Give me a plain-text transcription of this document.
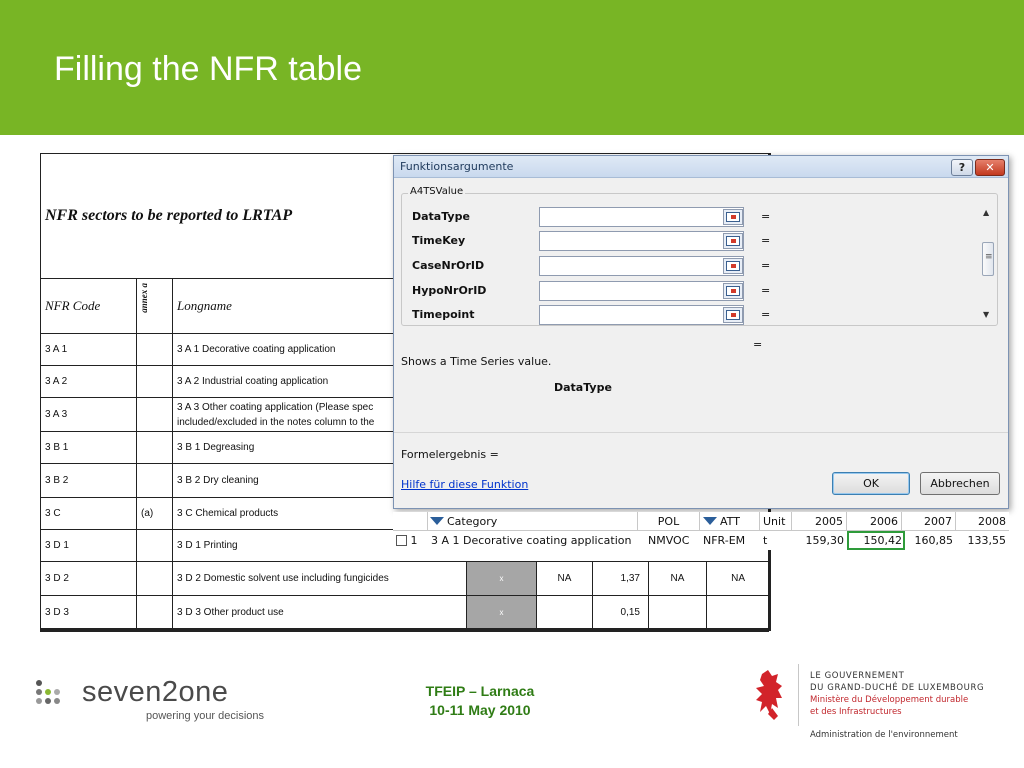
Filling the NFR table
NFR sectors to be reported to LRTAP							
NFR Code	annex a	Longname					
3 A 1		3 A 1 Decorative coating application					
3 A 2		3 A 2 Industrial coating application					
3 A 3		3 A 3 Other coating application (Please spec
included/excluded in the notes column to the					
3 B 1		3 B 1 Degreasing					
3 B 2		3 B 2 Dry cleaning					
3 C	(a)	3 C Chemical products					
3 D 1		3 D 1 Printing					
3 D 2		3 D 2 Domestic solvent use including fungicides	x	NA	1,37	NA	NA
3 D 3		3 D 3 Other product use	x		0,15		
Funktionsargumente	?	✕
A4TSValue
DataType	=
TimeKey	=
CaseNrOrID	=
HypoNrOrID	=
Timepoint	=
▲
≡
▼
=
Shows a Time Series value.
DataType
Formelergebnis =
Hilfe für diese Funktion	OK	Abbrechen
Category	POL	ATT	Unit	2005	2006	2007	2008
1	3 A 1 Decorative coating application	NMVOC	NFR-EM	t	159,30	150,42	160,85	133,55
seven2one
powering your decisions
TFEIP – Larnaca
10-11 May 2010
LE GOUVERNEMENT
DU GRAND-DUCHÉ DE LUXEMBOURG
Ministère du Développement durable
et des Infrastructures
Administration de l'environnement
